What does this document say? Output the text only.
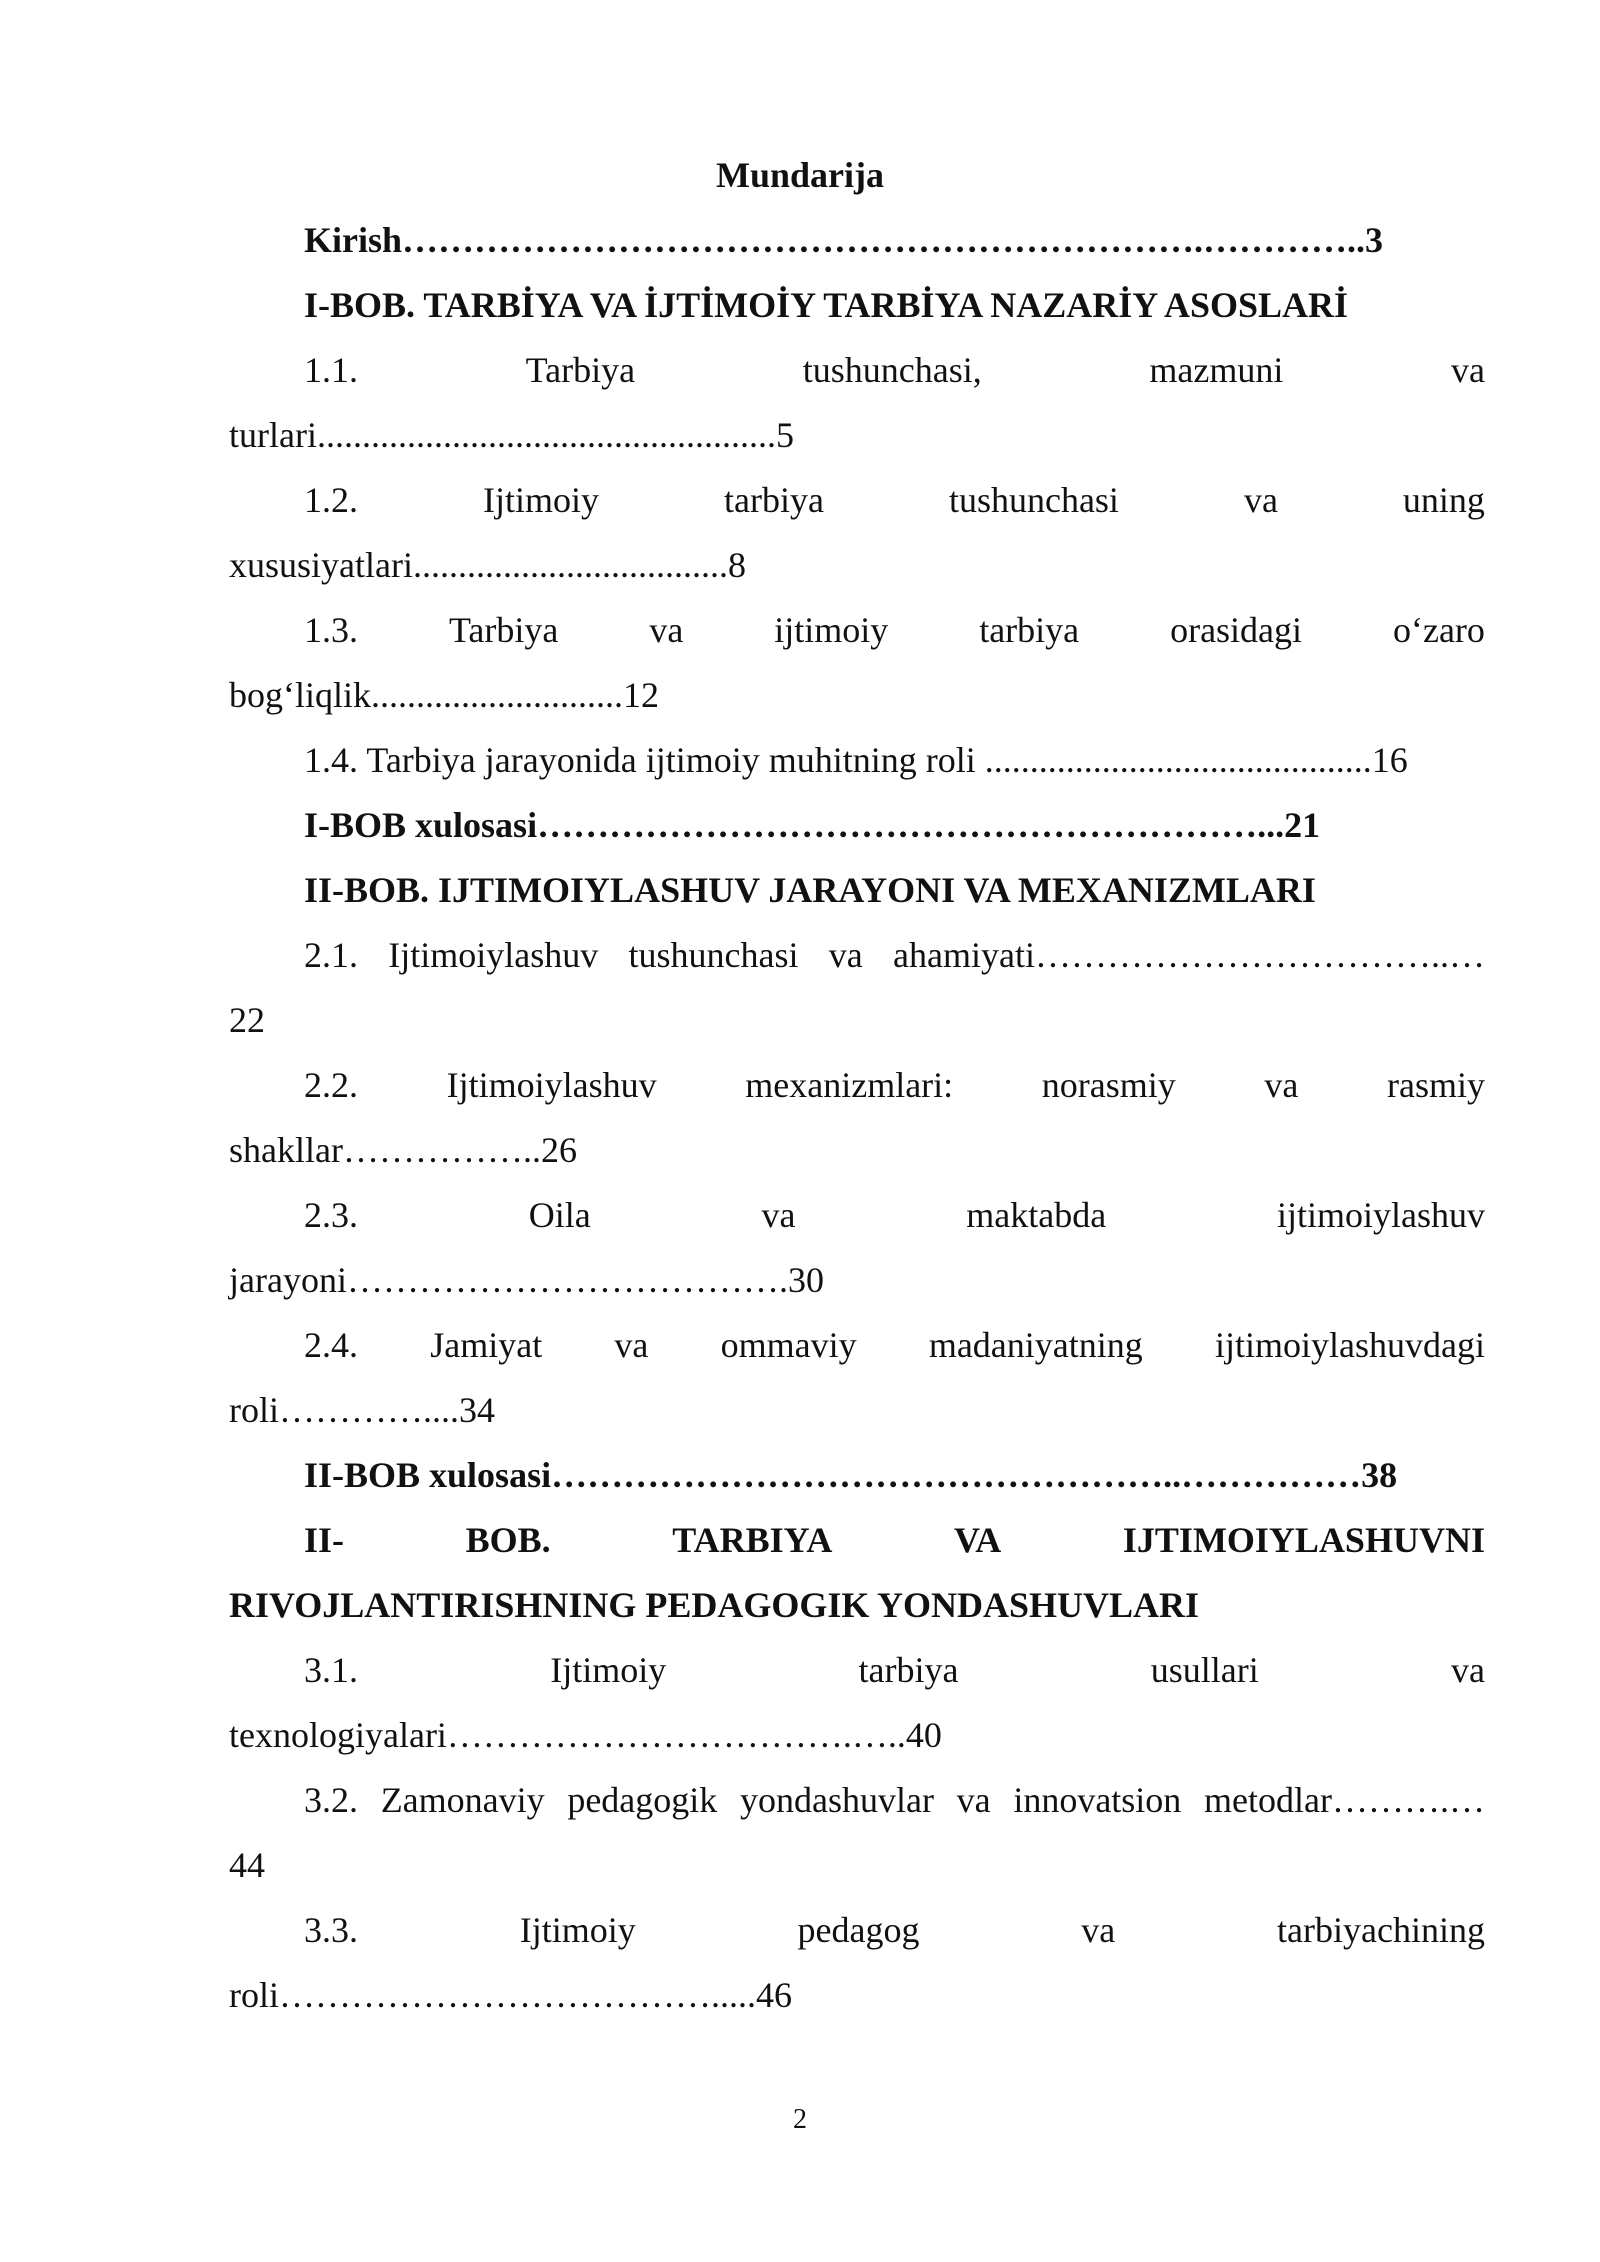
Mundarija

Kirish………………………………………………………….…………..3

I-BOB. TARBİYA VA İJTİMOİY TARBİYA NAZARİY ASOSLARİ

1.1.	Tarbiya	tushunchasi,	mazmuni	va

turlari...................................................5

1.2.	Ijtimoiy	tarbiya	tushunchasi	va	uning

xususiyatlari...................................8

1.3.	Tarbiya	va	ijtimoiy	tarbiya	orasidagi	o‘zaro

bog‘liqlik............................12

1.4. Tarbiya jarayonida ijtimoiy muhitning roli ...........................................16

I-BOB xulosasi……………………………………………………...21

II-BOB. IJTIMOIYLASHUV JARAYONI VA MEXANIZMLARI

2.1. Ijtimoiylashuv tushunchasi va ahamiyati……………………………..…

22

2.2. Ijtimoiylashuv mexanizmlari: norasmiy va rasmiy

shakllar……………..26

2.3.	Oila	va	maktabda	ijtimoiylashuv

jarayoni……………………………….30

2.4. Jamiyat va ommaviy madaniyatning ijtimoiylashuvdagi

roli…………....34

II-BOB xulosasi……………………………………………..……………38

II-	BOB.	TARBIYA	VA	IJTIMOIYLASHUVNI

RIVOJLANTIRISHNING PEDAGOGIK YONDASHUVLARI

3.1.	Ijtimoiy	tarbiya	usullari	va

texnologiyalari…………………………….…..40

3.2. Zamonaviy pedagogik yondashuvlar va innovatsion metodlar……….…

44

3.3.	Ijtimoiy	pedagog	va	tarbiyachining

roli……………………………….....46

2
